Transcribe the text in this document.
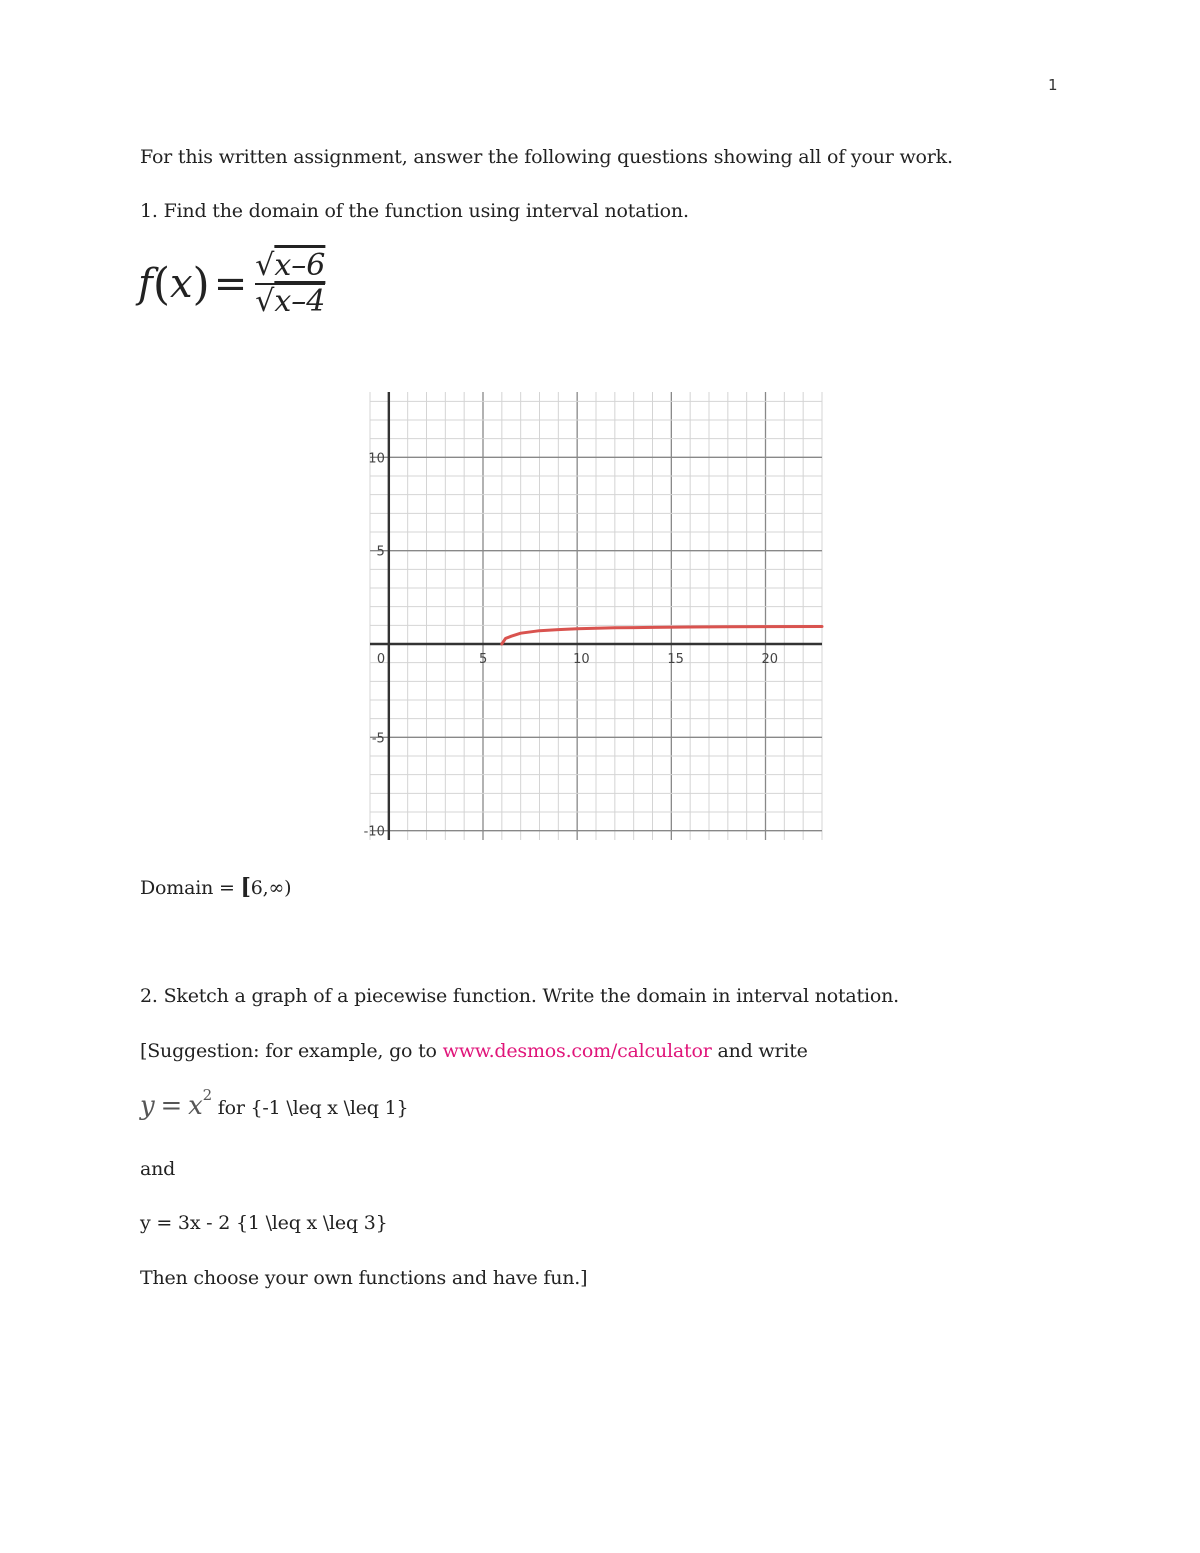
1
For this written assignment, answer the following questions showing all of your work.
1. Find the domain of the function using interval notation.
f ( x ) = $\frac{√x-6}{√x-4}$
0	5	10	15	20
10
5
-5
-10
Domain = [6,∞)
2. Sketch a graph of a piecewise function. Write the domain in interval notation.
[Suggestion: for example, go to www.desmos.com/calculator and write
$y = x^2$ for {-1 \leq x \leq 1}
and
y = 3x - 2 {1 \leq x \leq 3}
Then choose your own functions and have fun.]
